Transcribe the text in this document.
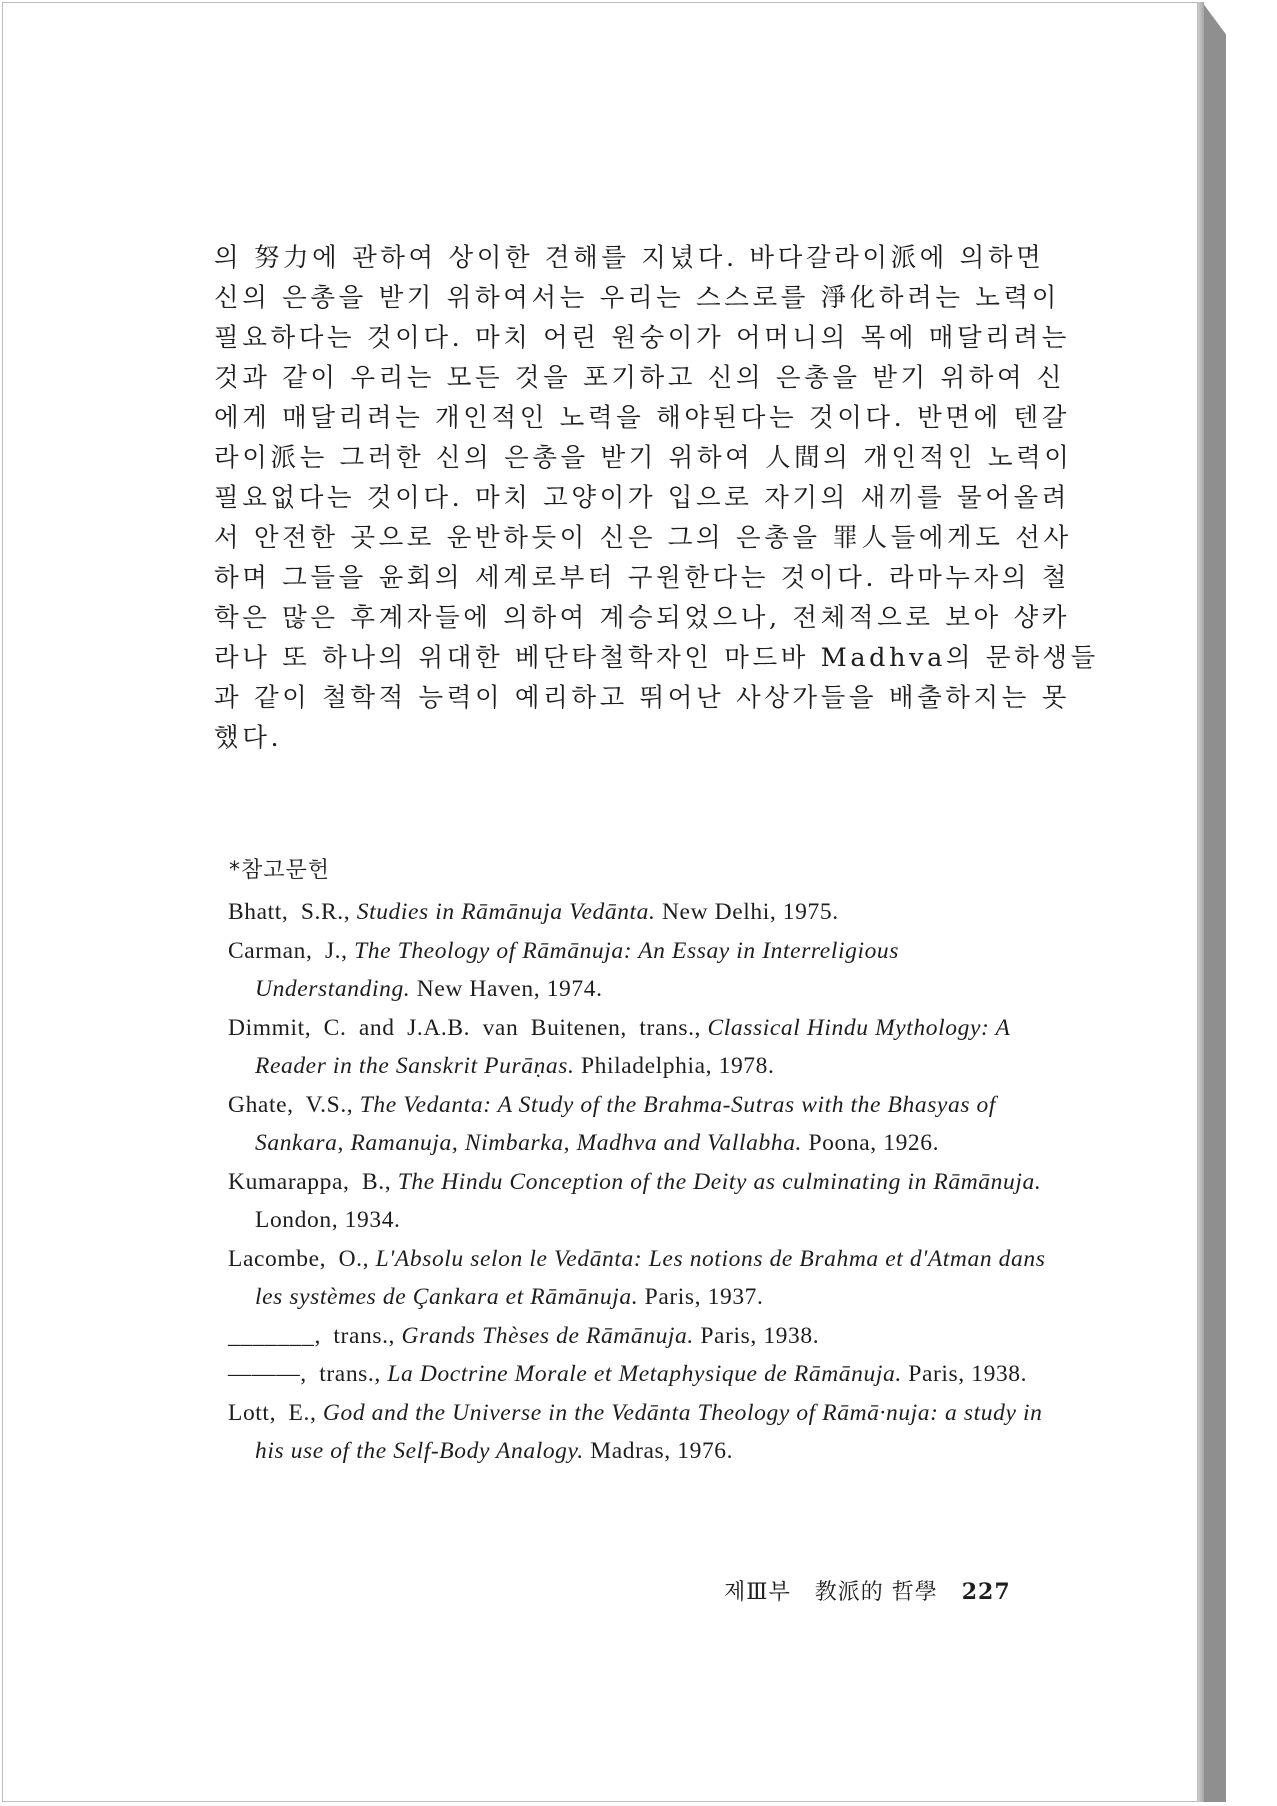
의 努力에 관하여 상이한 견해를 지녔다. 바다갈라이派에 의하면
신의 은총을 받기 위하여서는 우리는 스스로를 淨化하려는 노력이
필요하다는 것이다. 마치 어린 원숭이가 어머니의 목에 매달리려는
것과 같이 우리는 모든 것을 포기하고 신의 은총을 받기 위하여 신
에게 매달리려는 개인적인 노력을 해야된다는 것이다. 반면에 텐갈
라이派는 그러한 신의 은총을 받기 위하여 人間의 개인적인 노력이
필요없다는 것이다. 마치 고양이가 입으로 자기의 새끼를 물어올려
서 안전한 곳으로 운반하듯이 신은 그의 은총을 罪人들에게도 선사
하며 그들을 윤회의 세계로부터 구원한다는 것이다. 라마누자의 철
학은 많은 후계자들에 의하여 계승되었으나, 전체적으로 보아 샹카
라나 또 하나의 위대한 베단타철학자인 마드바 Madhva의 문하생들
과 같이 철학적 능력이 예리하고 뛰어난 사상가들을 배출하지는 못
했다.
*참고문헌

Bhatt, S.R., Studies in Rāmānuja Vedānta. New Delhi, 1975.

Carman, J., The Theology of Rāmānuja: An Essay in Interreligious Understanding. New Haven, 1974.

Dimmit, C. and J.A.B. van Buitenen, trans., Classical Hindu Mythology: A Reader in the Sanskrit Purāṇas. Philadelphia, 1978.

Ghate, V.S., The Vedanta: A Study of the Brahma-Sutras with the Bhasyas of Sankara, Ramanuja, Nimbarka, Madhva and Vallabha. Poona, 1926.

Kumarappa, B., The Hindu Conception of the Deity as culminating in Rāmānuja. London, 1934.

Lacombe, O., L'Absolu selon le Vedānta: Les notions de Brahma et d'Atman dans les systèmes de Çankara et Rāmānuja. Paris, 1937.

_______, trans., Grands Thèses de Rāmānuja. Paris, 1938.

———, trans., La Doctrine Morale et Metaphysique de Rāmānuja. Paris, 1938.

Lott, E., God and the Universe in the Vedānta Theology of Rāmā·nuja: a study in his use of the Self-Body Analogy. Madras, 1976.

제Ⅲ부 教派的 哲學 227
